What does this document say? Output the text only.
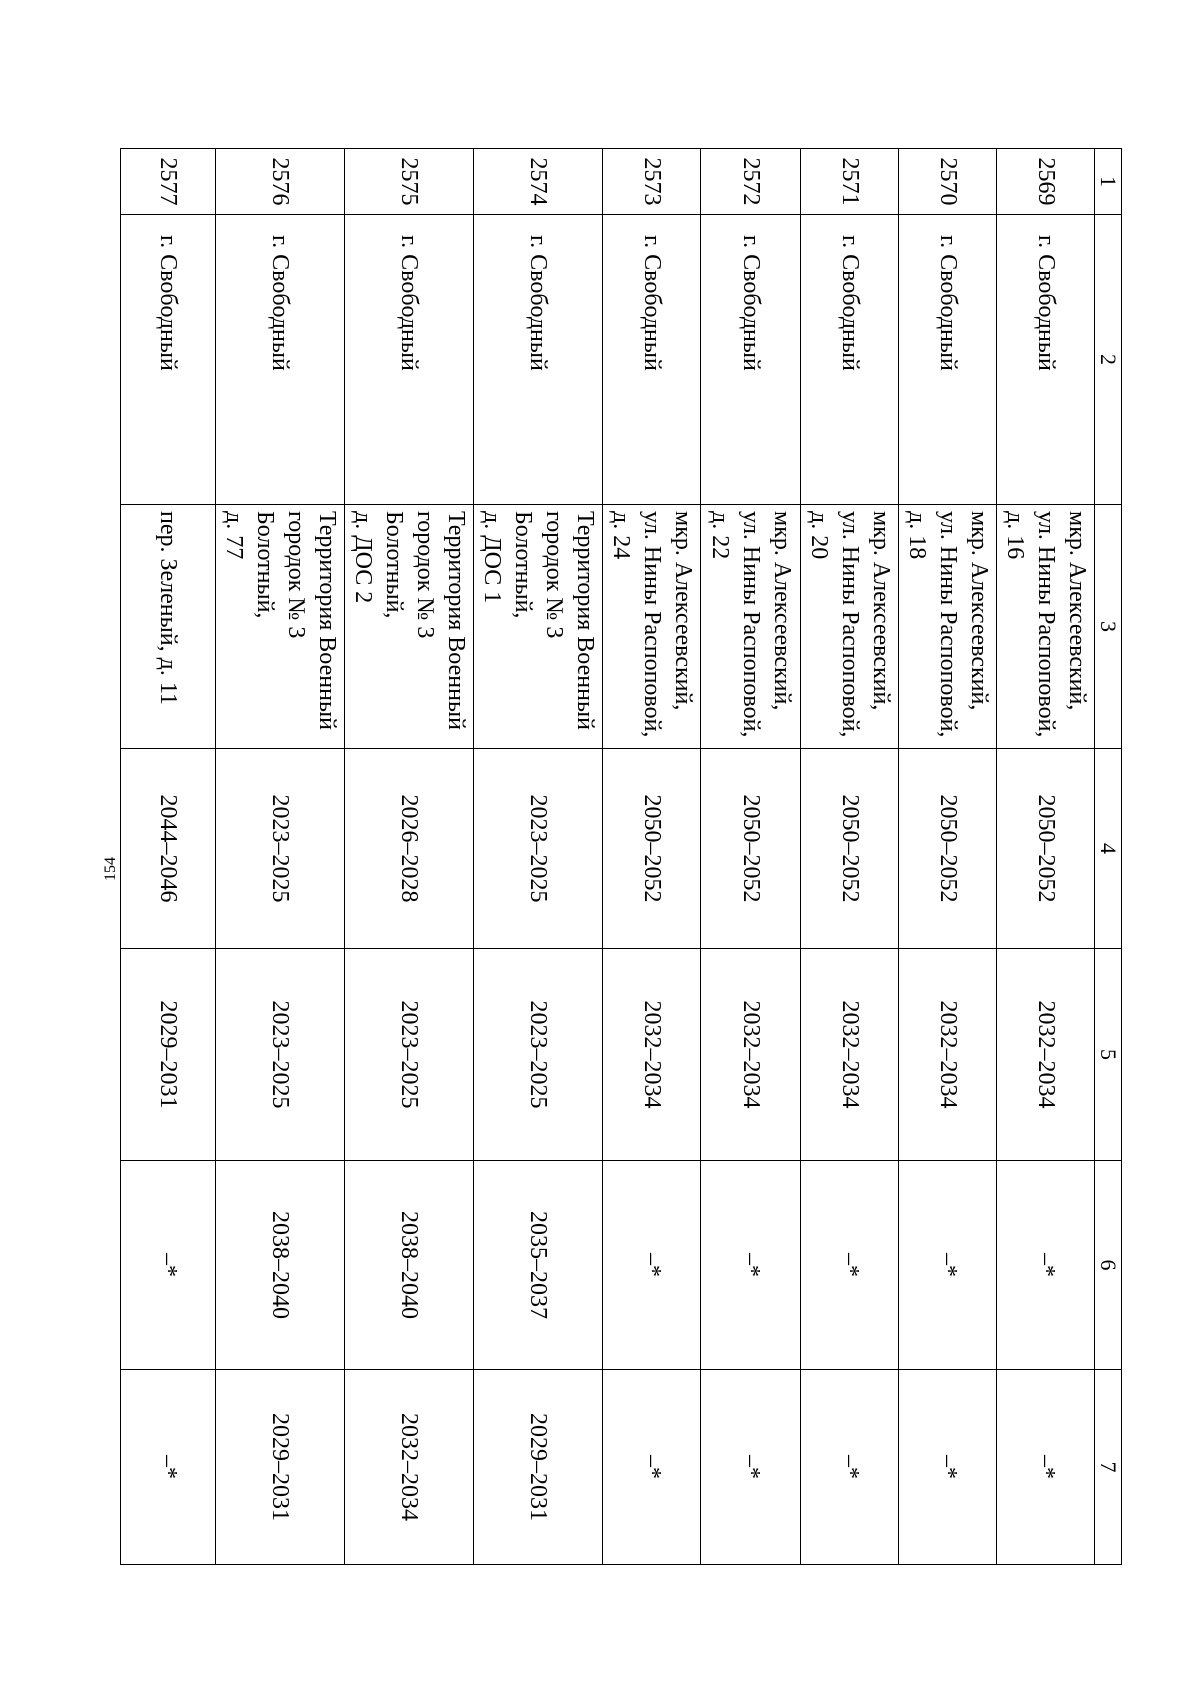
154
1	2	3	4	5	6	7
2569	г. Свободный	мкр. Алексеевский,
ул. Нины Распоповой,
д. 16	2050–2052	2032–2034	–*	–*
2570	г. Свободный	мкр. Алексеевский,
ул. Нины Распоповой,
д. 18	2050–2052	2032–2034	–*	–*
2571	г. Свободный	мкр. Алексеевский,
ул. Нины Распоповой,
д. 20	2050–2052	2032–2034	–*	–*
2572	г. Свободный	мкр. Алексеевский,
ул. Нины Распоповой,
д. 22	2050–2052	2032–2034	–*	–*
2573	г. Свободный	мкр. Алексеевский,
ул. Нины Распоповой,
д. 24	2050–2052	2032–2034	–*	–*
2574	г. Свободный	Территория Военный
городок № 3 Болотный,
д. ДОС 1	2023–2025	2023–2025	2035–2037	2029–2031
2575	г. Свободный	Территория Военный
городок № 3 Болотный,
д. ДОС 2	2026–2028	2023–2025	2038–2040	2032–2034
2576	г. Свободный	Территория Военный
городок № 3 Болотный,
д. 77	2023–2025	2023–2025	2038–2040	2029–2031
2577	г. Свободный	пер. Зеленый, д. 11	2044–2046	2029–2031	–*	–*
